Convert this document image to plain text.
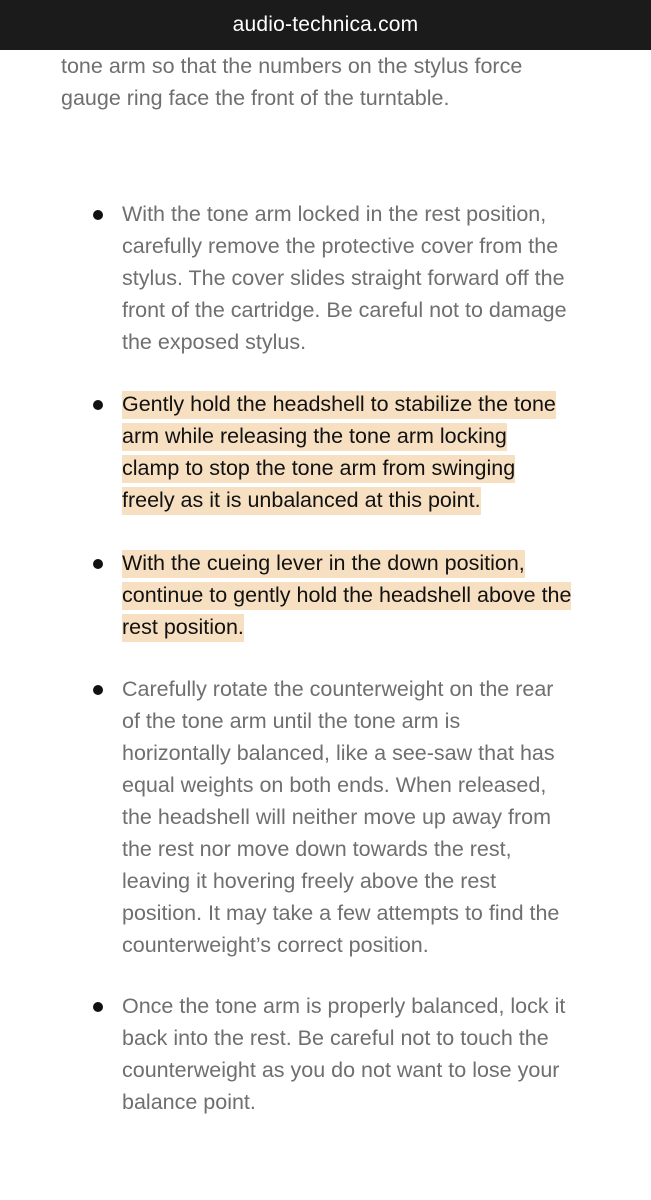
audio-technica.com
tone arm so that the numbers on the stylus force
gauge ring face the front of the turntable.
With the tone arm locked in the rest position,
carefully remove the protective cover from the
stylus. The cover slides straight forward off the
front of the cartridge. Be careful not to damage
the exposed stylus.
Gently hold the headshell to stabilize the tone
arm while releasing the tone arm locking
clamp to stop the tone arm from swinging
freely as it is unbalanced at this point.
With the cueing lever in the down position,
continue to gently hold the headshell above the
rest position.
Carefully rotate the counterweight on the rear
of the tone arm until the tone arm is
horizontally balanced, like a see-saw that has
equal weights on both ends. When released,
the headshell will neither move up away from
the rest nor move down towards the rest,
leaving it hovering freely above the rest
position. It may take a few attempts to find the
counterweight’s correct position.
Once the tone arm is properly balanced, lock it
back into the rest. Be careful not to touch the
counterweight as you do not want to lose your
balance point.
